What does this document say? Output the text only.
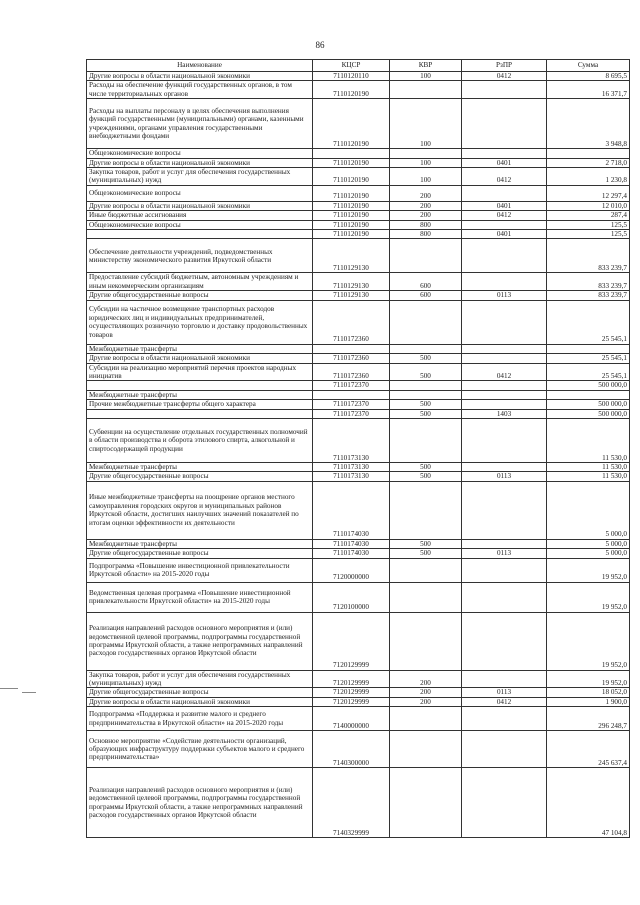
86
Наименование	КЦСР	КВР	РзПР	Сумма
Другие вопросы в области национальной экономики	7110120110	100	0412	8 695,5
Расходы на обеспечение функций государственных органов, в том числе территориальных органов	7110120190			16 371,7
Расходы на выплаты персоналу в целях обеспечения выполнения функций государственными (муниципальными) органами, казенными учреждениями, органами управления государственными внебюджетными фондами	7110120190	100		3 948,8
Общеэкономические вопросы				
Другие вопросы в области национальной экономики	7110120190	100	0401	2 718,0
Закупка товаров, работ и услуг для обеспечения государственных (муниципальных) нужд	7110120190	100	0412	1 230,8
Общеэкономические вопросы	7110120190	200		12 297,4
Другие вопросы в области национальной экономики	7110120190	200	0401	12 010,0
Иные бюджетные ассигнования	7110120190	200	0412	287,4
Общеэкономические вопросы	7110120190	800		125,5
	7110120190	800	0401	125,5
Обеспечение деятельности учреждений, подведомственных министерству экономического развития Иркутской области	7110129130			833 239,7
Предоставление субсидий бюджетным, автономным учреждениям и иным некоммерческим организациям	7110129130	600		833 239,7
Другие общегосударственные вопросы	7110129130	600	0113	833 239,7
Субсидии на частичное возмещение транспортных расходов юридических лиц и индивидуальных предпринимателей, осуществляющих розничную торговлю и доставку продовольственных товаров	7110172360			25 545,1
Межбюджетные трансферты				
Другие вопросы в области национальной экономики	7110172360	500		25 545,1
Субсидии на реализацию мероприятий перечня проектов народных инициатив	7110172360	500	0412	25 545,1
	7110172370			500 000,0
Межбюджетные трансферты				
Прочие межбюджетные трансферты общего характера	7110172370	500		500 000,0
	7110172370	500	1403	500 000,0
Субвенции на осуществление отдельных государственных полномочий в области производства и оборота этилового спирта, алкогольной и спиртосодержащей продукции	7110173130			11 530,0
Межбюджетные трансферты	7110173130	500		11 530,0
Другие общегосударственные вопросы	7110173130	500	0113	11 530,0
Иные межбюджетные трансферты на поощрение органов местного самоуправления городских округов и муниципальных районов Иркутской области, достигших наилучших значений показателей по итогам оценки эффективности их деятельности	7110174030			5 000,0
Межбюджетные трансферты	7110174030	500		5 000,0
Другие общегосударственные вопросы	7110174030	500	0113	5 000,0
Подпрограмма «Повышение инвестиционной привлекательности Иркутской области» на 2015-2020 годы	7120000000			19 952,0
Ведомственная целевая программа «Повышение инвестиционной привлекательности Иркутской области» на 2015-2020 годы	7120100000			19 952,0
Реализация направлений расходов основного мероприятия и (или) ведомственной целевой программы, подпрограммы государственной программы Иркутской области, а также непрограммных направлений расходов государственных органов Иркутской области	7120129999			19 952,0
Закупка товаров, работ и услуг для обеспечения государственных (муниципальных) нужд	7120129999	200		19 952,0
Другие общегосударственные вопросы	7120129999	200	0113	18 052,0
Другие вопросы в области национальной экономики	7120129999	200	0412	1 900,0
Подпрограмма «Поддержка и развитие малого и среднего предпринимательства в Иркутской области» на 2015-2020 годы	7140000000			296 248,7
Основное мероприятие «Содействие деятельности организаций, образующих инфраструктуру поддержки субъектов малого и среднего предпринимательства»	7140300000			245 637,4
Реализация направлений расходов основного мероприятия и (или) ведомственной целевой программы, подпрограммы государственной программы Иркутской области, а также непрограммных направлений расходов государственных органов Иркутской области	7140329999			47 104,8
